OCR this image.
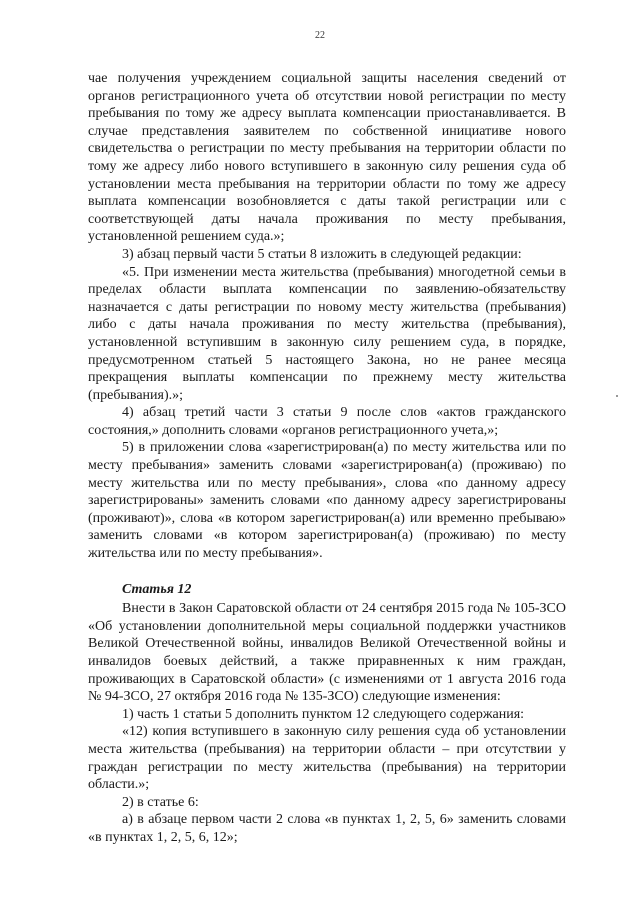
22

чае получения учреждением социальной защиты населения сведений от органов регистрационного учета об отсутствии новой регистрации по месту пребывания по тому же адресу выплата компенсации приостанавливается. В случае представления заявителем по собственной инициативе нового свидетельства о регистрации по месту пребывания на территории области по тому же адресу либо нового вступившего в законную силу решения суда об установлении места пребывания на территории области по тому же адресу выплата компенсации возобновляется с даты такой регистрации или с соответствующей даты начала проживания по месту пребывания, установленной решением суда.»;

3) абзац первый части 5 статьи 8 изложить в следующей редакции:

«5. При изменении места жительства (пребывания) многодетной семьи в пределах области выплата компенсации по заявлению-обязательству назначается с даты регистрации по новому месту жительства (пребывания) либо с даты начала проживания по месту жительства (пребывания), установленной вступившим в законную силу решением суда, в порядке, предусмотренном статьей 5 настоящего Закона, но не ранее месяца прекращения выплаты компенсации по прежнему месту жительства (пребывания).»;

4) абзац третий части 3 статьи 9 после слов «актов гражданского состояния,» дополнить словами «органов регистрационного учета,»;

5) в приложении слова «зарегистрирован(а) по месту жительства или по месту пребывания» заменить словами «зарегистрирован(а) (проживаю) по месту жительства или по месту пребывания», слова «по данному адресу зарегистрированы» заменить словами «по данному адресу зарегистрированы (проживают)», слова «в котором зарегистрирован(а) или временно пребываю» заменить словами «в котором зарегистрирован(а) (проживаю) по месту жительства или по месту пребывания».

Статья 12

Внести в Закон Саратовской области от 24 сентября 2015 года № 105-ЗСО «Об установлении дополнительной меры социальной поддержки участников Великой Отечественной войны, инвалидов Великой Отечественной войны и инвалидов боевых действий, а также приравненных к ним граждан, проживающих в Саратовской области» (с изменениями от 1 августа 2016 года № 94-ЗСО, 27 октября 2016 года № 135-ЗСО) следующие изменения:

1) часть 1 статьи 5 дополнить пунктом 12 следующего содержания:

«12) копия вступившего в законную силу решения суда об установлении места жительства (пребывания) на территории области – при отсутствии у граждан регистрации по месту жительства (пребывания) на территории области.»;

2) в статье 6:

а) в абзаце первом части 2 слова «в пунктах 1, 2, 5, 6» заменить словами «в пунктах 1, 2, 5, 6, 12»;
